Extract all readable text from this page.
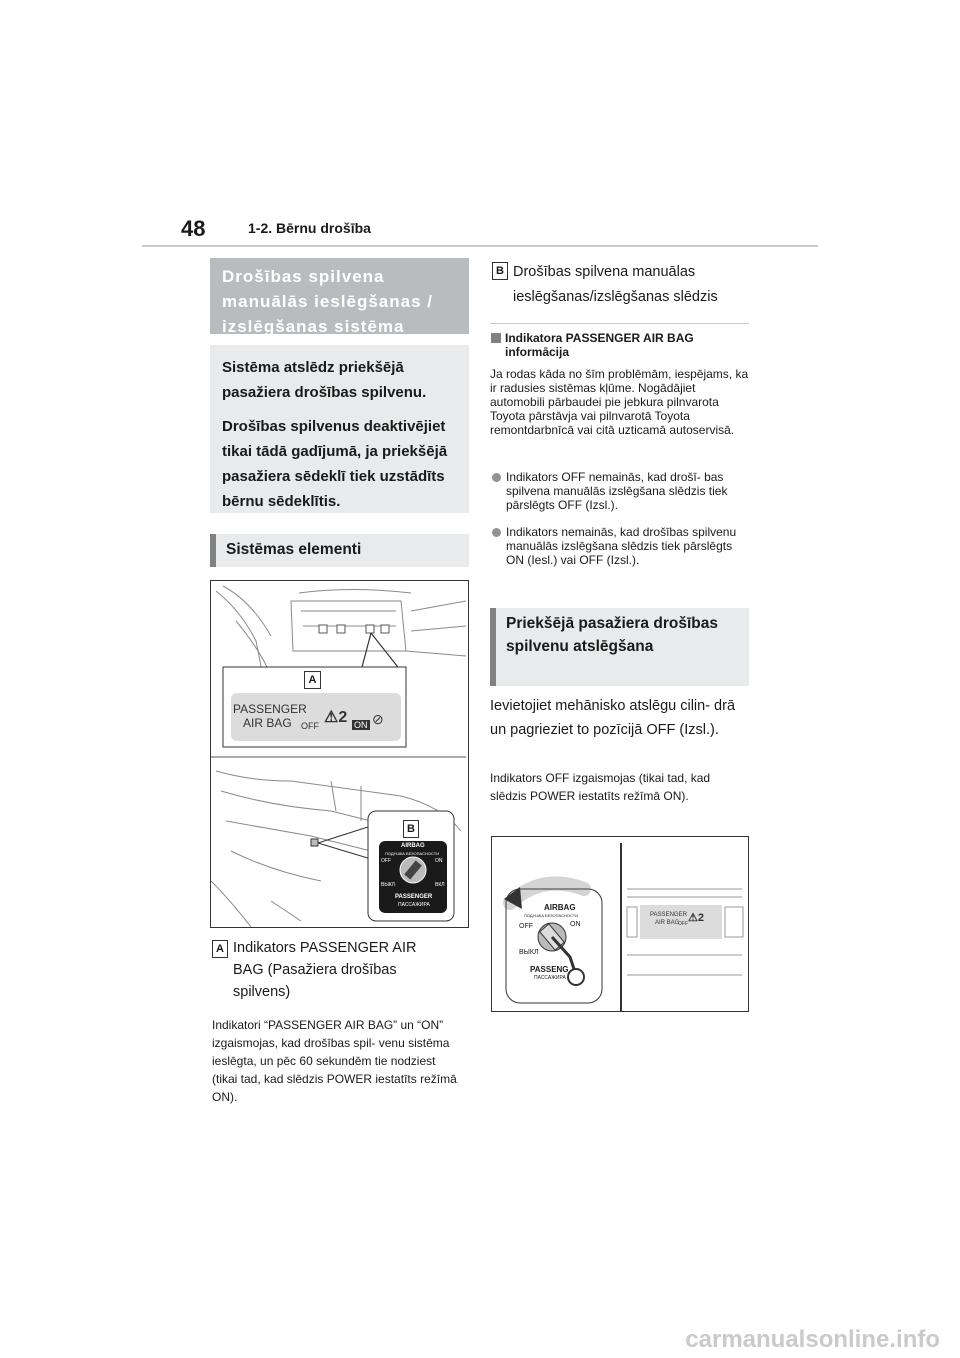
48	1-2. Bērnu drošība
Drošības spilvena manuālās ieslēgšanas / izslēgšanas sistēma

Sistēma atslēdz priekšējā pasažiera drošības spilvenu.

Drošības spilvenus deaktivējiet tikai tādā gadījumā, ja priekšējā pasažiera sēdeklī tiek uzstādīts bērnu sēdeklītis.

Sistēmas elementi
A
PASSENGER
AIR BAG OFF ⚠2 ON ⊘
B
AIRBAG
ПОДУШКА БЕЗОПАСНОСТИ
OFF	ON
ВЫКЛ	ВКЛ
PASSENGER
ПАССАЖИРА
A Indikators PASSENGER AIR BAG (Pasažiera drošības spilvens)
Indikatori “PASSENGER AIR BAG” un “ON” izgaismojas, kad drošības spil- venu sistēma ieslēgta, un pēc 60 sekundēm tie nodziest (tikai tad, kad slēdzis POWER iestatīts režīmā ON).
B Drošības spilvena manuālas ieslēgšanas/izslēgšanas slēdzis
Indikatora PASSENGER AIR BAG informācija
Ja rodas kāda no šīm problēmām, iespējams, ka ir radusies sistēmas kļūme. Nogādājiet automobili pārbaudei pie jebkura pilnvarota Toyota pārstāvja vai pilnvarotā Toyota remontdarbnīcā vai citā uzticamā autoservisā.
Indikators OFF nemainās, kad drošī- bas spilvena manuālās izslēgšana slēdzis tiek pārslēgts OFF (Izsl.).
Indikators nemainās, kad drošības spilvenu manuālās izslēgšana slēdzis tiek pārslēgts ON (Iesl.) vai OFF (Izsl.).
Priekšējā pasažiera drošības spilvenu atslēgšana
Ievietojiet mehānisko atslēgu cilin- drā un pagrieziet to pozīcijā OFF (Izsl.).
Indikators OFF izgaismojas (tikai tad, kad slēdzis POWER iestatīts režīmā ON).
AIRBAG
ПОДУШКА БЕЗОПАСНОСТИ
OFF	ON
ВЫКЛ
PASSENG
ПАССАЖИРА
PASSENGER
AIR BAG
OFF ⚠2
carmanualsonline.info
